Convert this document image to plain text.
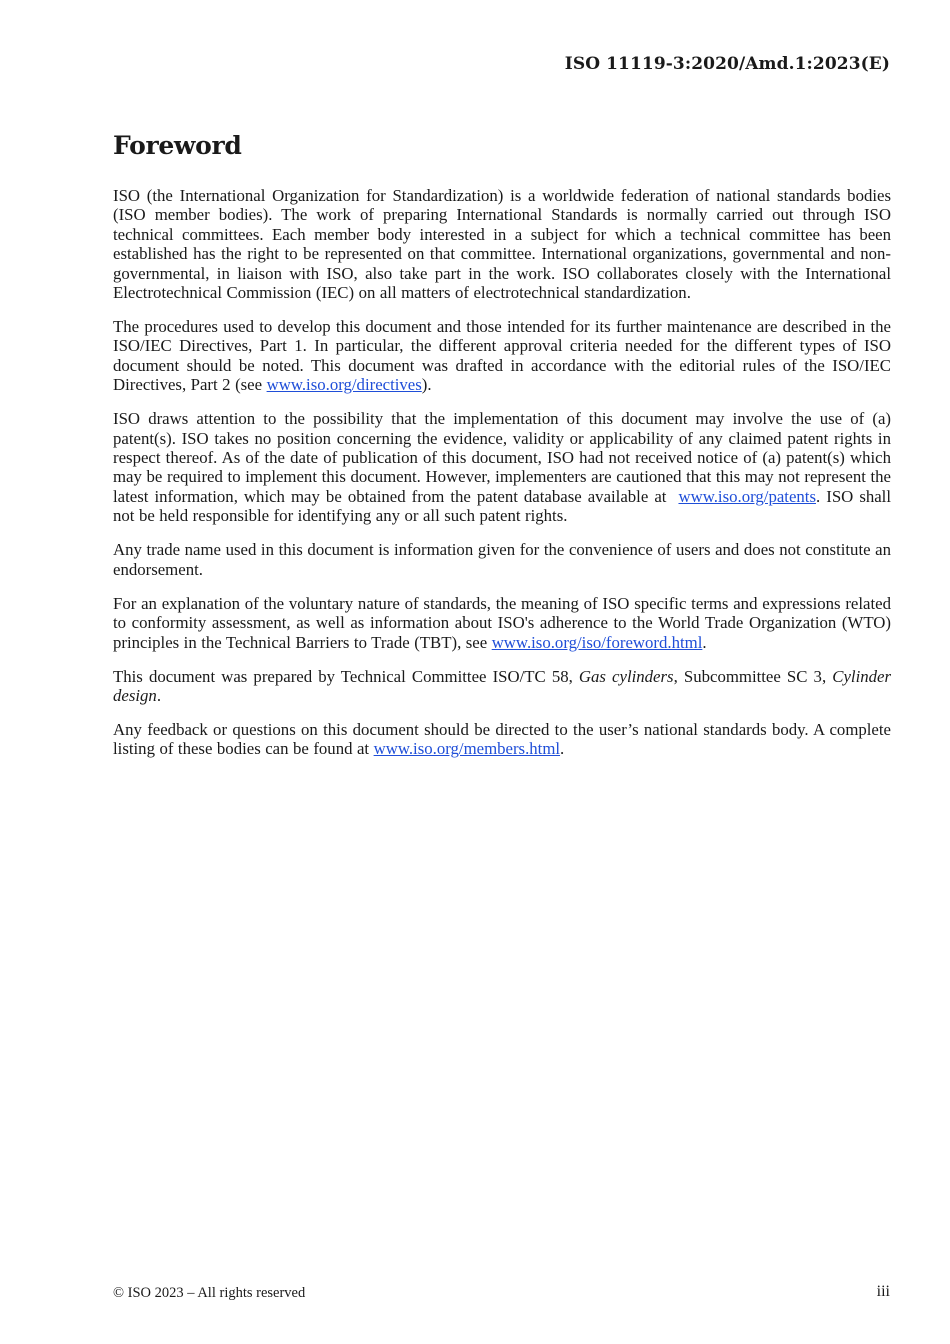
ISO 11119-3:2020/Amd.1:2023(E)
Foreword

ISO (the International Organization for Standardization) is a worldwide federation of national standards bodies (ISO member bodies). The work of preparing International Standards is normally carried out through ISO technical committees. Each member body interested in a subject for which a technical committee has been established has the right to be represented on that committee. International organizations, governmental and non-governmental, in liaison with ISO, also take part in the work. ISO collaborates closely with the International Electrotechnical Commission (IEC) on all matters of electrotechnical standardization.

The procedures used to develop this document and those intended for its further maintenance are described in the ISO/IEC Directives, Part 1. In particular, the different approval criteria needed for the different types of ISO document should be noted. This document was drafted in accordance with the editorial rules of the ISO/IEC Directives, Part 2 (see www.iso.org/directives).

ISO draws attention to the possibility that the implementation of this document may involve the use of (a) patent(s). ISO takes no position concerning the evidence, validity or applicability of any claimed patent rights in respect thereof. As of the date of publication of this document, ISO had not received notice of (a) patent(s) which may be required to implement this document. However, implementers are cautioned that this may not represent the latest information, which may be obtained from the patent database available at www.iso.org/patents. ISO shall not be held responsible for identifying any or all such patent rights.

Any trade name used in this document is information given for the convenience of users and does not constitute an endorsement.

For an explanation of the voluntary nature of standards, the meaning of ISO specific terms and expressions related to conformity assessment, as well as information about ISO's adherence to the World Trade Organization (WTO) principles in the Technical Barriers to Trade (TBT), see www.iso.org/iso/foreword.html.

This document was prepared by Technical Committee ISO/TC 58, Gas cylinders, Subcommittee SC 3, Cylinder design.

Any feedback or questions on this document should be directed to the user’s national standards body. A complete listing of these bodies can be found at www.iso.org/members.html.

© ISO 2023 – All rights reserved	iii
